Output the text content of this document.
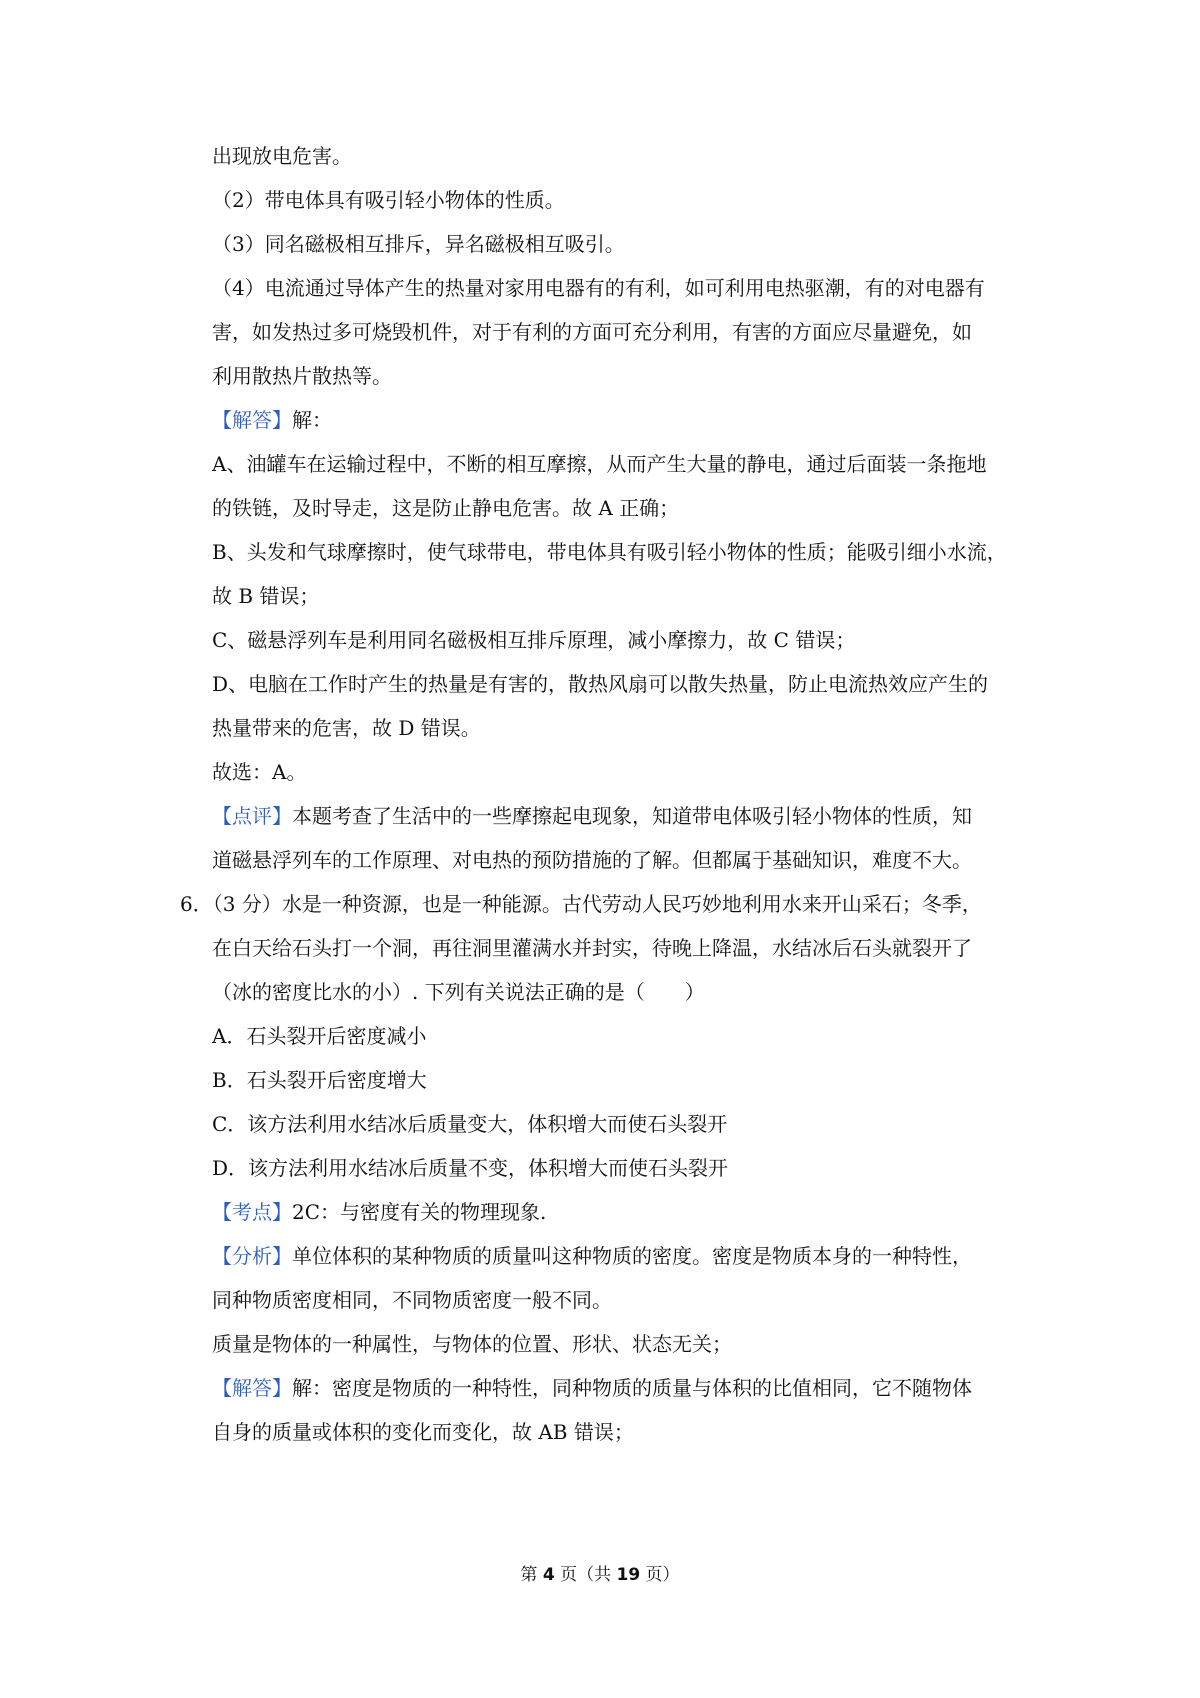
出现放电危害。
（2）带电体具有吸引轻小物体的性质。
（3）同名磁极相互排斥，异名磁极相互吸引。
（4）电流通过导体产生的热量对家用电器有的有利，如可利用电热驱潮，有的对电器有
害，如发热过多可烧毁机件，对于有利的方面可充分利用，有害的方面应尽量避免，如
利用散热片散热等。
【解答】解：
A、油罐车在运输过程中，不断的相互摩擦，从而产生大量的静电，通过后面装一条拖地
的铁链，及时导走，这是防止静电危害。故 A 正确；
B、头发和气球摩擦时，使气球带电，带电体具有吸引轻小物体的性质；能吸引细小水流，
故 B 错误；
C、磁悬浮列车是利用同名磁极相互排斥原理，减小摩擦力，故 C 错误；
D、电脑在工作时产生的热量是有害的，散热风扇可以散失热量，防止电流热效应产生的
热量带来的危害，故 D 错误。
故选：A。
【点评】本题考查了生活中的一些摩擦起电现象，知道带电体吸引轻小物体的性质，知
道磁悬浮列车的工作原理、对电热的预防措施的了解。但都属于基础知识，难度不大。
6．（3 分）水是一种资源，也是一种能源。古代劳动人民巧妙地利用水来开山采石；冬季，
在白天给石头打一个洞，再往洞里灌满水并封实，待晚上降温，水结冰后石头就裂开了
（冰的密度比水的小）. 下列有关说法正确的是（　　）
A．石头裂开后密度减小
B．石头裂开后密度增大
C．该方法利用水结冰后质量变大，体积增大而使石头裂开
D．该方法利用水结冰后质量不变，体积增大而使石头裂开
【考点】2C：与密度有关的物理现象.
【分析】单位体积的某种物质的质量叫这种物质的密度。密度是物质本身的一种特性，
同种物质密度相同，不同物质密度一般不同。
质量是物体的一种属性，与物体的位置、形状、状态无关；
【解答】解：密度是物质的一种特性，同种物质的质量与体积的比值相同，它不随物体
自身的质量或体积的变化而变化，故 AB 错误；
第 4 页（共 19 页）
